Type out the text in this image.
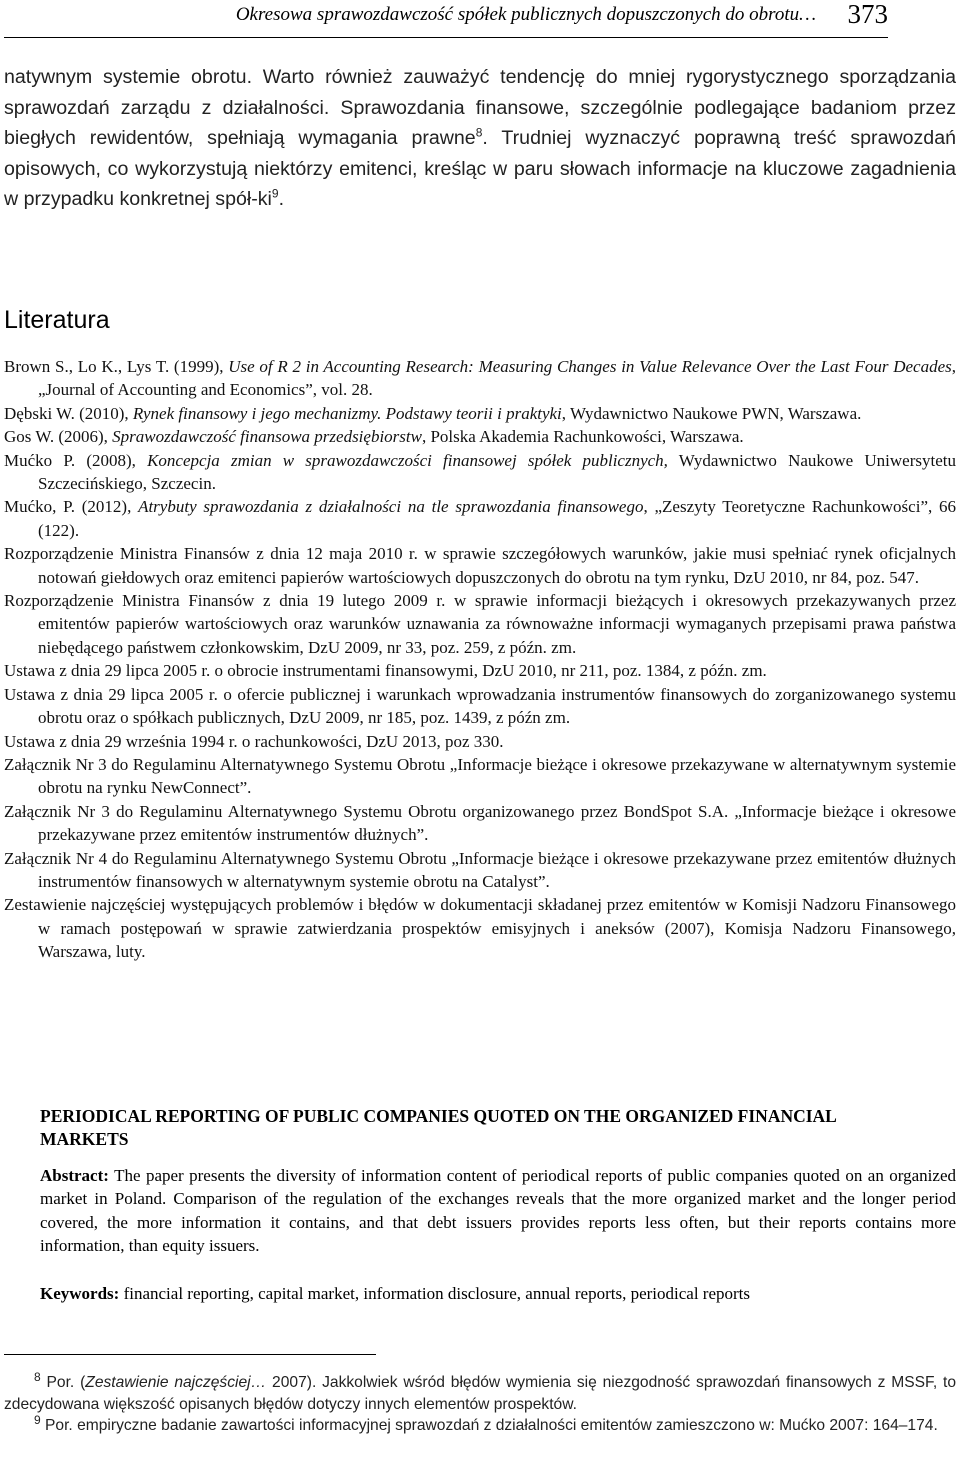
Okresowa sprawozdawczość spółek publicznych dopuszczonych do obrotu… 373
natywnym systemie obrotu. Warto również zauważyć tendencję do mniej rygorystycznego sporządzania sprawozdań zarządu z działalności. Sprawozdania finansowe, szczególnie podlegające badaniom przez biegłych rewidentów, spełniają wymagania prawne$^8$. Trudniej wyznaczyć poprawną treść sprawozdań opisowych, co wykorzystują niektórzy emitenci, kreśląc w paru słowach informacje na kluczowe zagadnienia w przypadku konkretnej spół-$ki^9$.
Literatura
Brown S., Lo K., Lys T. (1999), Use of R 2 in Accounting Research: Measuring Changes in Value Relevance Over the Last Four Decades, „Journal of Accounting and Economics”, vol. 28.
Dębski W. (2010), Rynek finansowy i jego mechanizmy. Podstawy teorii i praktyki, Wydawnictwo Naukowe PWN, Warszawa.
Gos W. (2006), Sprawozdawczość finansowa przedsiębiorstw, Polska Akademia Rachunkowości, Warszawa.
Mućko P. (2008), Koncepcja zmian w sprawozdawczości finansowej spółek publicznych, Wydawnictwo Naukowe Uniwersytetu Szczecińskiego, Szczecin.
Mućko, P. (2012), Atrybuty sprawozdania z działalności na tle sprawozdania finansowego, „Zeszyty Teoretyczne Rachunkowości”, 66 (122).
Rozporządzenie Ministra Finansów z dnia 12 maja 2010 r. w sprawie szczegółowych warunków, jakie musi spełniać rynek oficjalnych notowań giełdowych oraz emitenci papierów wartościowych dopuszczonych do obrotu na tym rynku, DzU 2010, nr 84, poz. 547.
Rozporządzenie Ministra Finansów z dnia 19 lutego 2009 r. w sprawie informacji bieżących i okresowych przekazywanych przez emitentów papierów wartościowych oraz warunków uznawania za równoważne informacji wymaganych przepisami prawa państwa niebędącego państwem członkowskim, DzU 2009, nr 33, poz. 259, z późn. zm.
Ustawa z dnia 29 lipca 2005 r. o obrocie instrumentami finansowymi, DzU 2010, nr 211, poz. 1384, z późn. zm.
Ustawa z dnia 29 lipca 2005 r. o ofercie publicznej i warunkach wprowadzania instrumentów finansowych do zorganizowanego systemu obrotu oraz o spółkach publicznych, DzU 2009, nr 185, poz. 1439, z późn zm.
Ustawa z dnia 29 września 1994 r. o rachunkowości, DzU 2013, poz 330.
Załącznik Nr 3 do Regulaminu Alternatywnego Systemu Obrotu „Informacje bieżące i okresowe przekazywane w alternatywnym systemie obrotu na rynku NewConnect”.
Załącznik Nr 3 do Regulaminu Alternatywnego Systemu Obrotu organizowanego przez BondSpot S.A. „Informacje bieżące i okresowe przekazywane przez emitentów instrumentów dłużnych”.
Załącznik Nr 4 do Regulaminu Alternatywnego Systemu Obrotu „Informacje bieżące i okresowe przekazywane przez emitentów dłużnych instrumentów finansowych w alternatywnym systemie obrotu na Catalyst”.
Zestawienie najczęściej występujących problemów i błędów w dokumentacji składanej przez emitentów w Komisji Nadzoru Finansowego w ramach postępowań w sprawie zatwierdzania prospektów emisyjnych i aneksów (2007), Komisja Nadzoru Finansowego, Warszawa, luty.
PERIODICAL REPORTING OF PUBLIC COMPANIES QUOTED ON THE ORGANIZED FINANCIAL MARKETS
Abstract: The paper presents the diversity of information content of periodical reports of public companies quoted on an organized market in Poland. Comparison of the regulation of the exchanges reveals that the more organized market and the longer period covered, the more information it contains, and that debt issuers provides reports less often, but their reports contains more information, than equity issuers.
Keywords: financial reporting, capital market, information disclosure, annual reports, periodical reports
$^8$ Por. (Zestawienie najczęściej… 2007). Jakkolwiek wśród błędów wymienia się niezgodność sprawozdań finansowych z MSSF, to zdecydowana większość opisanych błędów dotyczy innych elementów prospektów.
$^9$ Por. empiryczne badanie zawartości informacyjnej sprawozdań z działalności emitentów zamieszczono w: Mućko 2007: 164–174.
